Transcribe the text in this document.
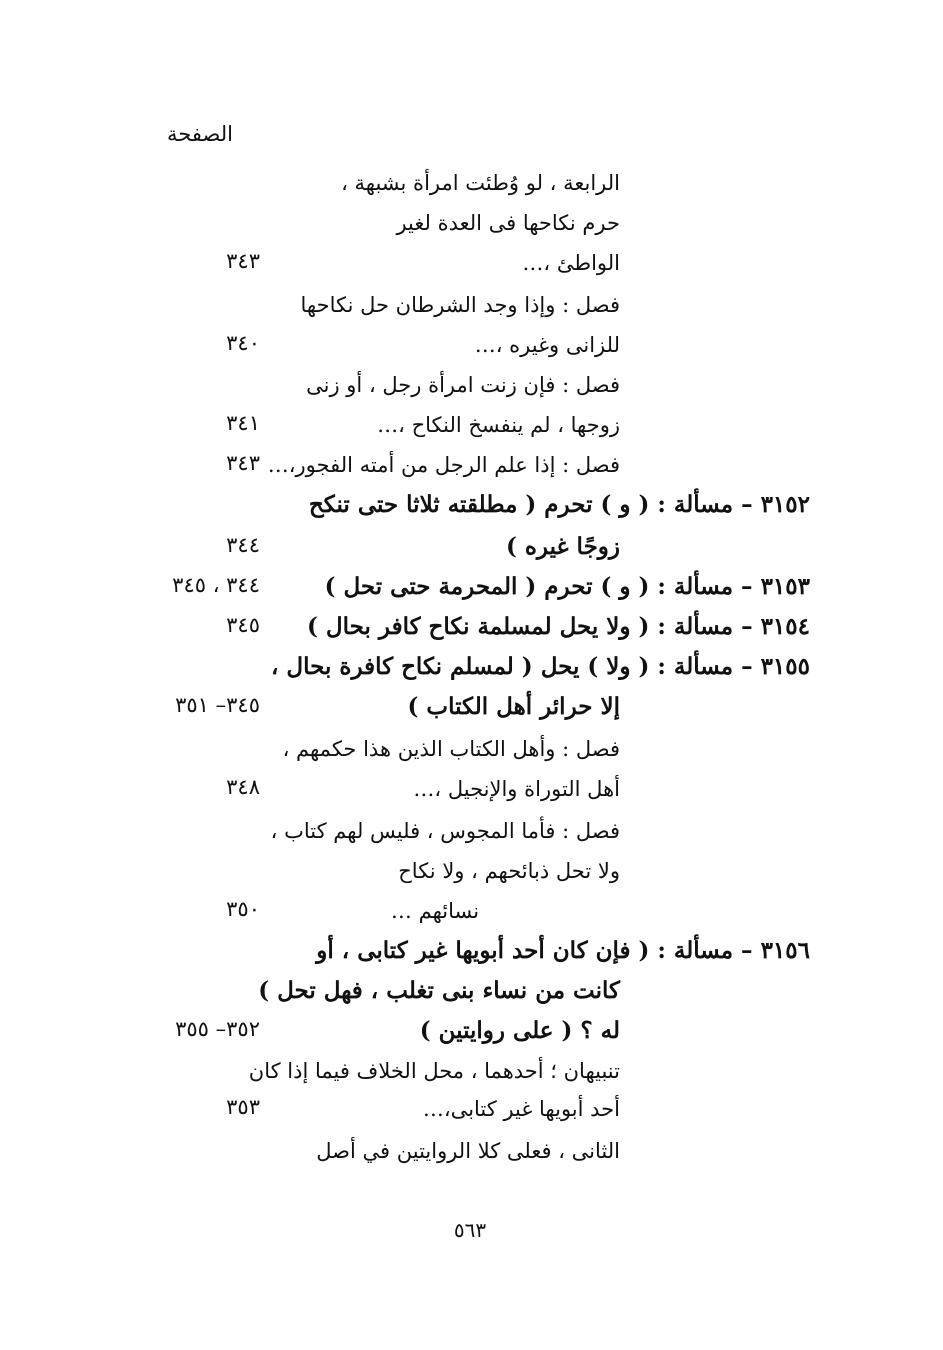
الصفحة
الرابعة ، لو وُطئت امرأة بشبهة ،
حرم نكاحها فى العدة لغير
الواطئ ،…
٣٤٣
فصل : وإذا وجد الشرطان حل نكاحها
للزانى وغيره ،…
٣٤٠
فصل : فإن زنت امرأة رجل ، أو زنى
زوجها ، لم ينفسخ النكاح ،…
٣٤١
فصل : إذا علم الرجل من أمته الفجور،…
٣٤٣
٣١٥٢ – مسألة : ( و ) تحرم ( مطلقته ثلاثا حتى تنكح
زوجًا غيره )
٣٤٤
٣١٥٣ – مسألة : ( و ) تحرم ( المحرمة حتى تحل )
٣٤٤ ، ٣٤٥
٣١٥٤ – مسألة : ( ولا يحل لمسلمة نكاح كافر بحال )
٣٤٥
٣١٥٥ – مسألة : ( ولا ) يحل ( لمسلم نكاح كافرة بحال ،
إلا حرائر أهل الكتاب )
٣٤٥– ٣٥١
فصل : وأهل الكتاب الذين هذا حكمهم ،
أهل التوراة والإنجيل ،…
٣٤٨
فصل : فأما المجوس ، فليس لهم كتاب ،
ولا تحل ذبائحهم ، ولا نكاح
نسائهم …
٣٥٠
٣١٥٦ – مسألة : ( فإن كان أحد أبويها غير كتابى ، أو
كانت من نساء بنى تغلب ، فهل تحل )
له ؟ ( على روايتين )
٣٥٢– ٣٥٥
تنبيهان ؛ أحدهما ، محل الخلاف فيما إذا كان
أحد أبويها غير كتابى،…
٣٥٣
الثانى ، فعلى كلا الروايتين في أصل
٥٦٣
